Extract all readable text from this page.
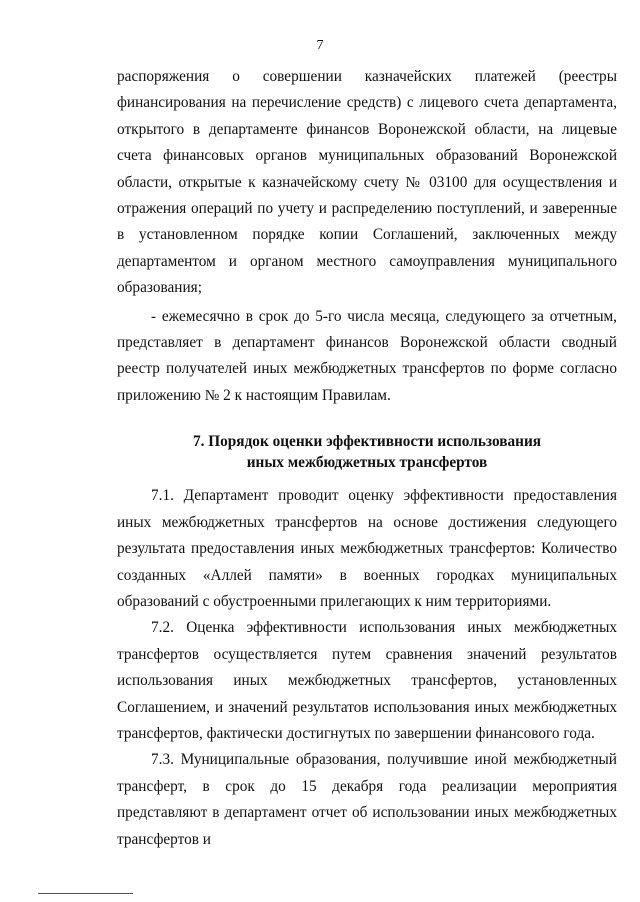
7

распоряжения о совершении казначейских платежей (реестры финансирования на перечисление средств) с лицевого счета департамента, открытого в департаменте финансов Воронежской области, на лицевые счета финансовых органов муниципальных образований Воронежской области, открытые к казначейскому счету № 03100 для осуществления и отражения операций по учету и распределению поступлений, и заверенные в установленном порядке копии Соглашений, заключенных между департаментом и органом местного самоуправления муниципального образования;

- ежемесячно в срок до 5-го числа месяца, следующего за отчетным, представляет в департамент финансов Воронежской области сводный реестр получателей иных межбюджетных трансфертов по форме согласно приложению № 2 к настоящим Правилам.

7. Порядок оценки эффективности использования
иных межбюджетных трансфертов

7.1. Департамент проводит оценку эффективности предоставления иных межбюджетных трансфертов на основе достижения следующего результата предоставления иных межбюджетных трансфертов: Количество созданных «Аллей памяти» в военных городках муниципальных образований с обустроенными прилегающих к ним территориями.

7.2. Оценка эффективности использования иных межбюджетных трансфертов осуществляется путем сравнения значений результатов использования иных межбюджетных трансфертов, установленных Соглашением, и значений результатов использования иных межбюджетных трансфертов, фактически достигнутых по завершении финансового года.

7.3. Муниципальные образования, получившие иной межбюджетный трансферт, в срок до 15 декабря года реализации мероприятия представляют в департамент отчет об использовании иных межбюджетных трансфертов и
